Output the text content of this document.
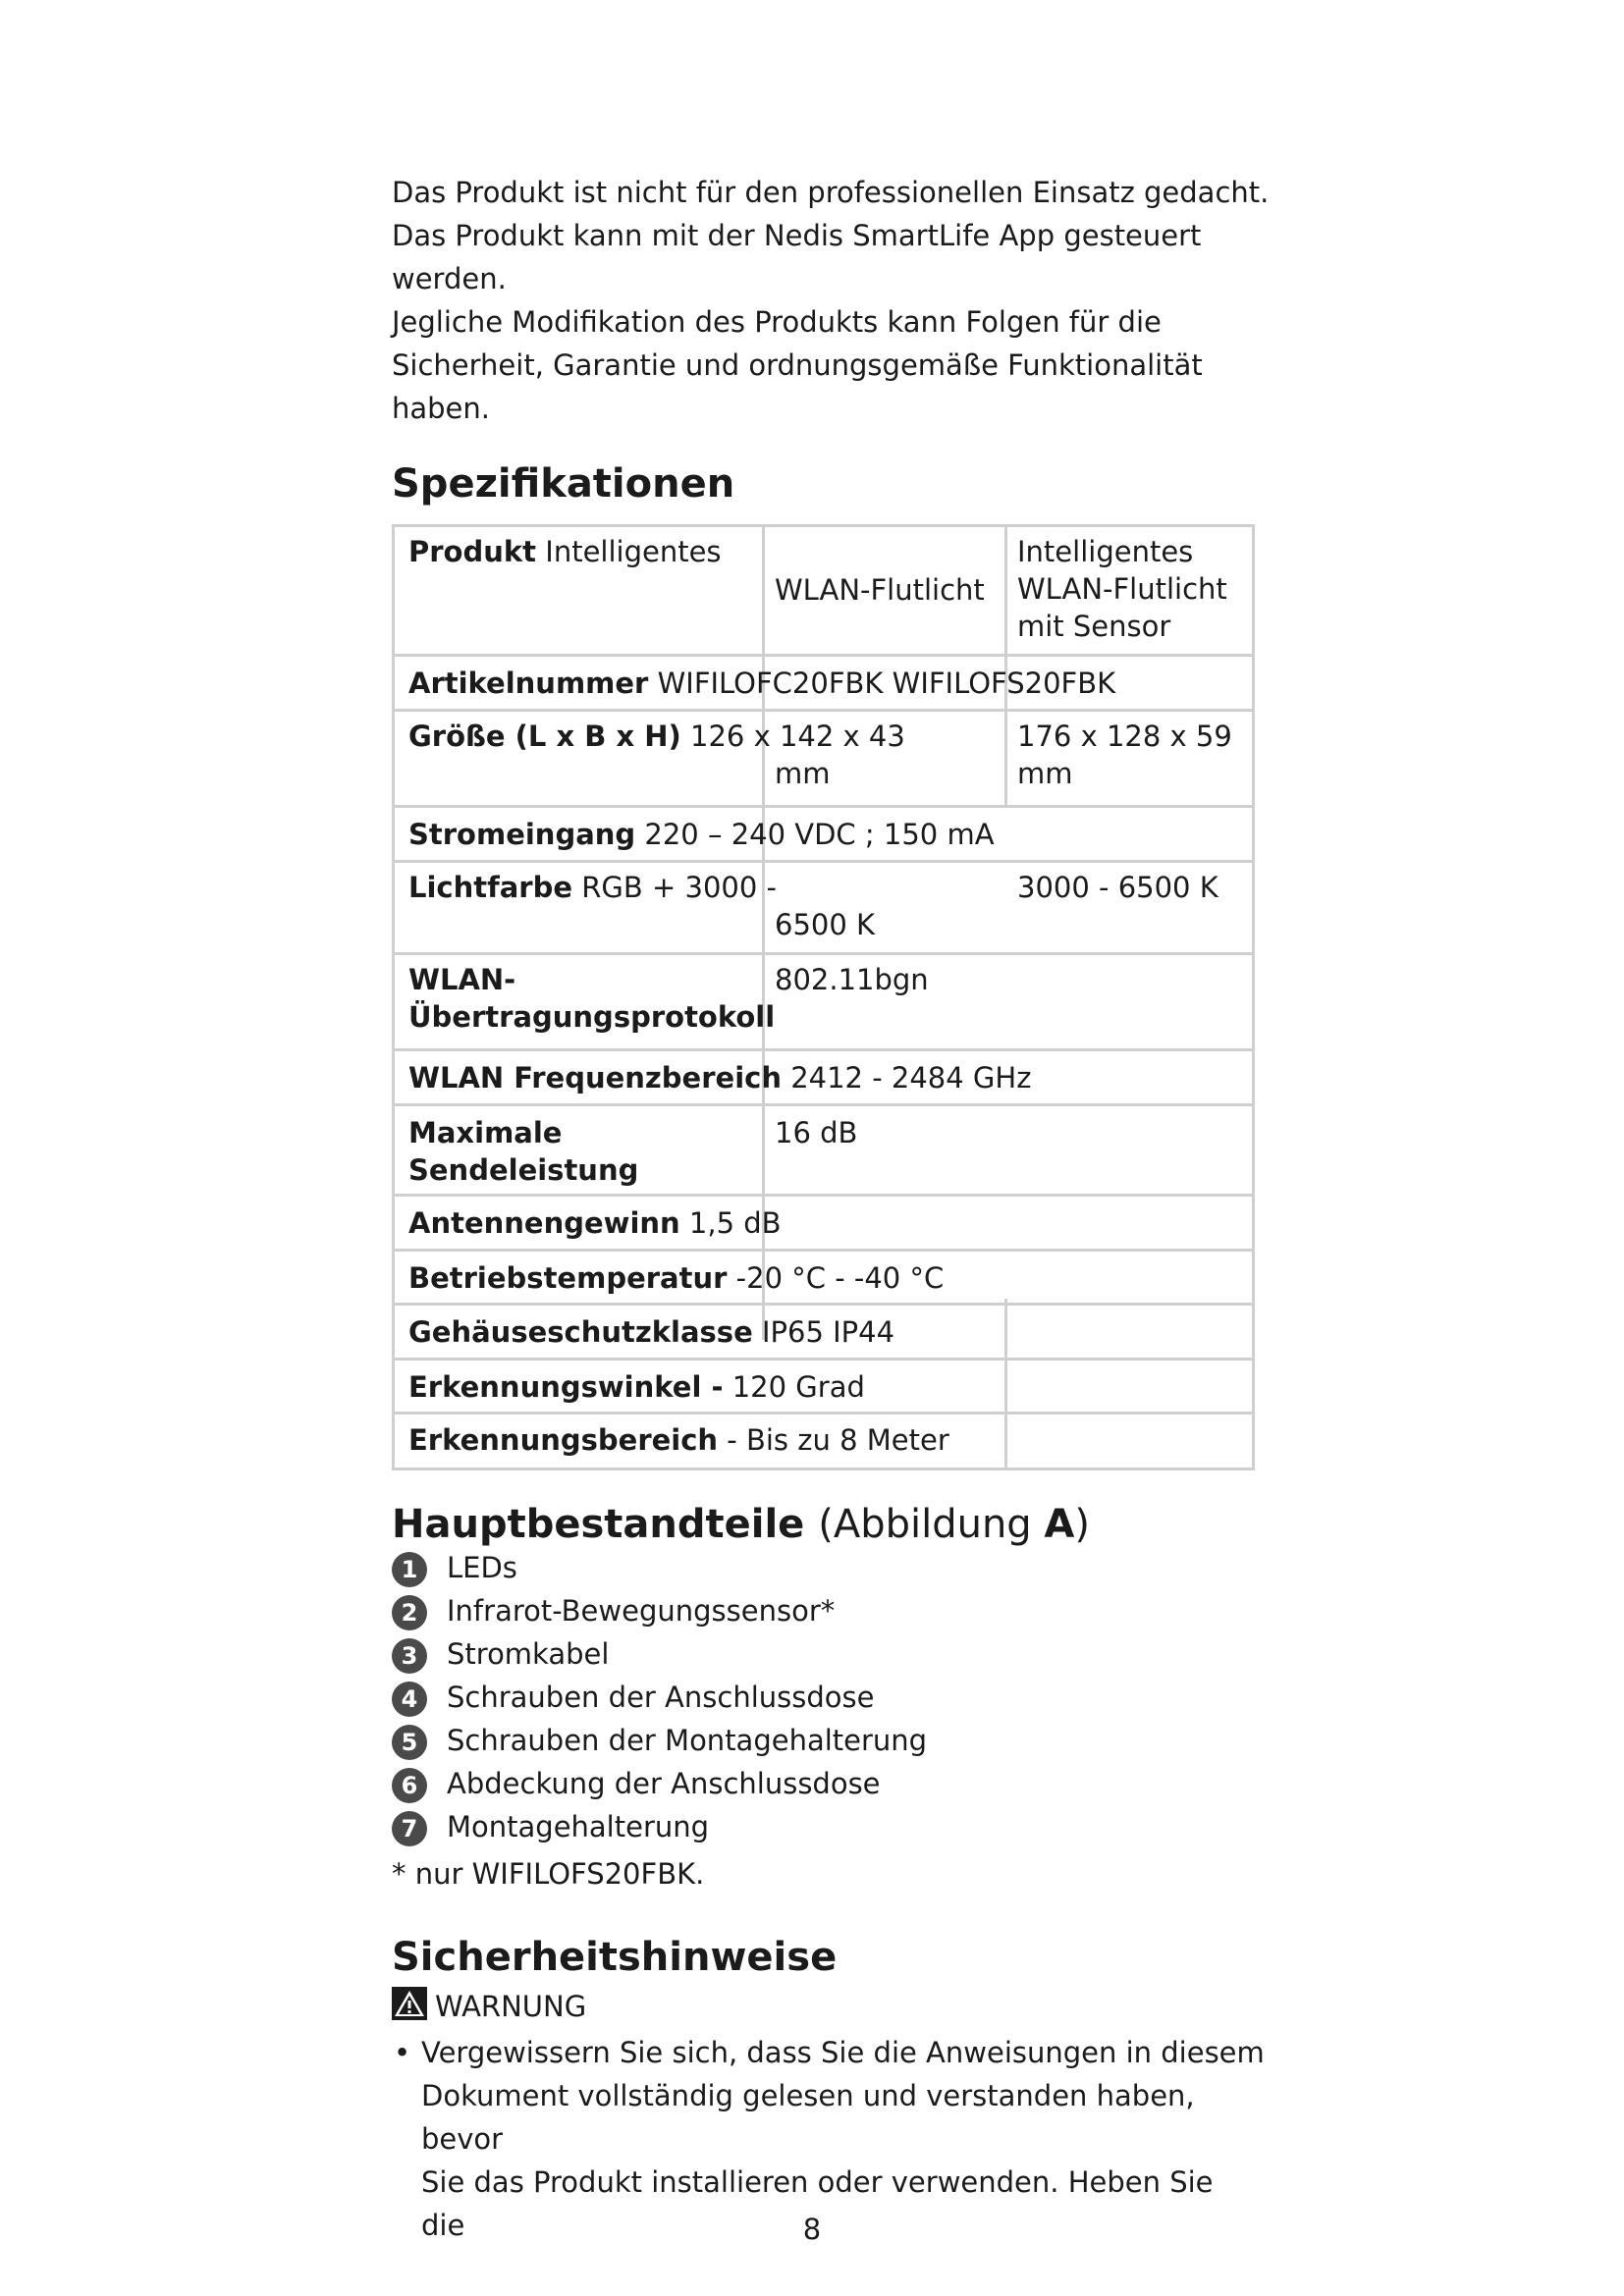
Das Produkt ist nicht für den professionellen Einsatz gedacht.

Das Produkt kann mit der Nedis SmartLife App gesteuert

werden.

Jegliche Modifikation des Produkts kann Folgen für die

Sicherheit, Garantie und ordnungsgemäße Funktionalität

haben.

Spezifikationen
Produkt Intelligentes
WLAN-Flutlicht
Intelligentes
WLAN-Flutlicht
mit Sensor
Artikelnummer WIFILOFC20FBK WIFILOFS20FBK
Größe (L x B x H) 126 x 142 x 43
mm
176 x 128 x 59
mm
Stromeingang 220 – 240 VDC ; 150 mA
Lichtfarbe RGB + 3000 -
6500 K
3000 - 6500 K
WLAN-
Übertragungsprotokoll
802.11bgn
WLAN Frequenzbereich 2412 - 2484 GHz
Maximale
Sendeleistung
16 dB
Antennengewinn 1,5 dB
Betriebstemperatur -20 °C - -40 °C
Gehäuseschutzklasse IP65 IP44
Erkennungswinkel - 120 Grad
Erkennungsbereich - Bis zu 8 Meter
Hauptbestandteile (Abbildung A)
1 LEDs
2 Infrarot-Bewegungssensor*
3 Stromkabel
4 Schrauben der Anschlussdose
5 Schrauben der Montagehalterung
6 Abdeckung der Anschlussdose
7 Montagehalterung
* nur WIFILOFS20FBK.
Sicherheitshinweise
WARNUNG
• Vergewissern Sie sich, dass Sie die Anweisungen in diesem
Dokument vollständig gelesen und verstanden haben, bevor
Sie das Produkt installieren oder verwenden. Heben Sie die	8
